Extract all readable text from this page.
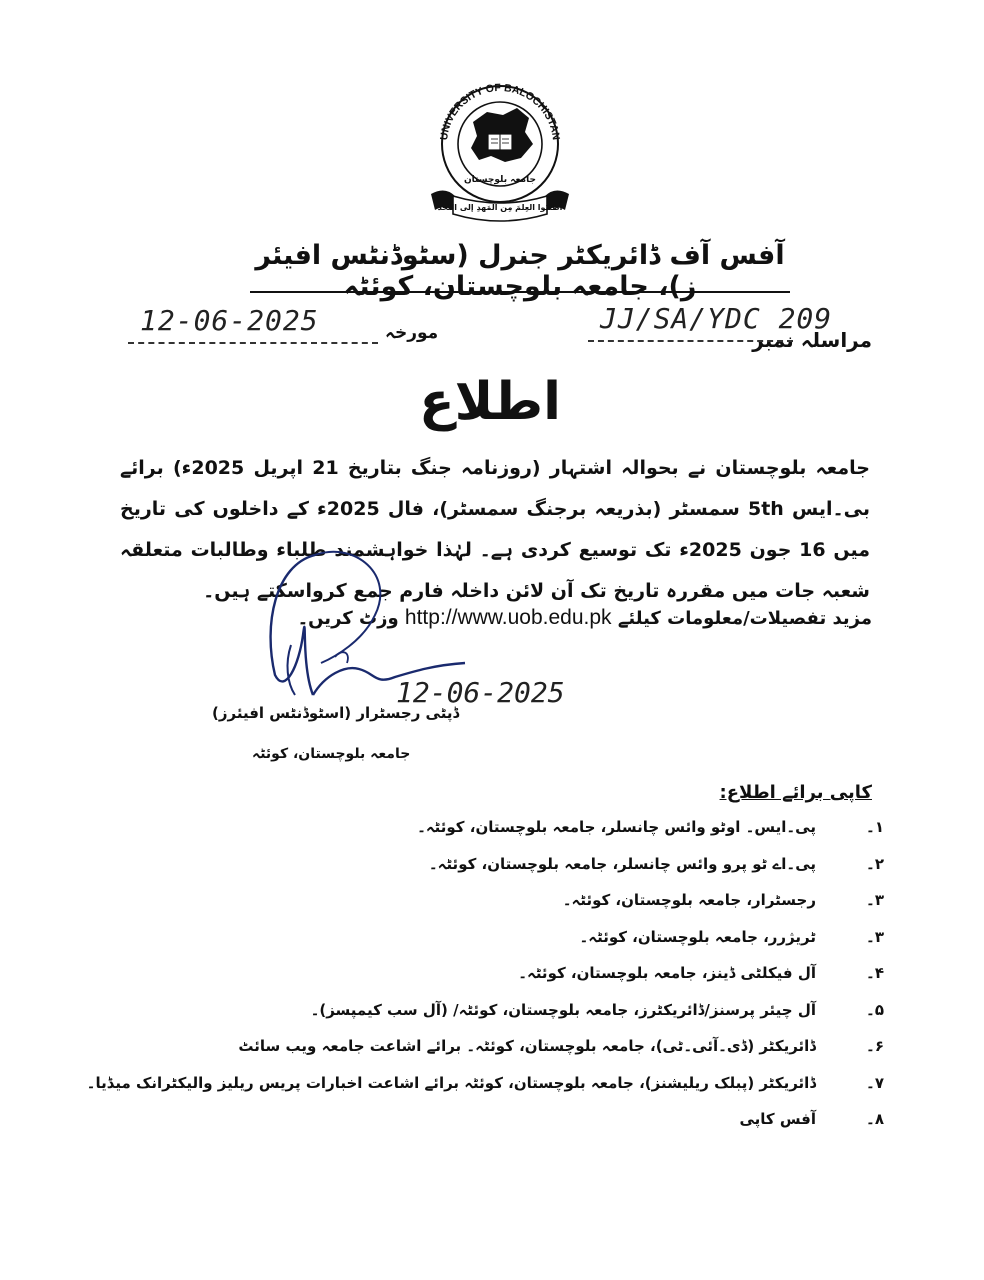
UNIVERSITY OF BALOCHISTAN
جامعہ بلوچستان
اُطلبُوا العِلمَ مِن المَهدِ إلى اللحد
آفس آف ڈائریکٹر جنرل (سٹوڈنٹس افیئر ز)، جامعہ بلوچستان، کوئٹہ
مراسلہ نمبر
JJ/SA/YDC 209
مورخہ
12-06-2025
اطلاع
جامعہ بلوچستان نے بحوالہ اشتہار (روزنامہ جنگ بتاریخ 21 اپریل 2025ء) برائے بی۔ایس 5th سمسٹر (بذریعہ برجنگ سمسٹر)، فال 2025ء کے داخلوں کی تاریخ میں 16 جون 2025ء تک توسیع کردی ہے۔ لہٰذا خواہشمند طلباء وطالبات متعلقہ شعبہ جات میں مقررہ تاریخ تک آن لائن داخلہ فارم جمع کرواسکتے ہیں۔
مزید تفصیلات/معلومات کیلئے http://www.uob.edu.pk وزٹ کریں۔
12-06-2025
ڈپٹی رجسٹرار (اسٹوڈنٹس افیئرز)
جامعہ بلوچستان، کوئٹہ
کاپی برائے اطلاع:
۱۔
پی۔ایس۔ اوٹو وائس چانسلر، جامعہ بلوچستان، کوئٹہ۔
۲۔
پی۔اے ٹو پرو وائس چانسلر، جامعہ بلوچستان، کوئٹہ۔
۳۔
رجسٹرار، جامعہ بلوچستان، کوئٹہ۔
۳۔
ٹریژرر، جامعہ بلوچستان، کوئٹہ۔
۴۔
آل فیکلٹی ڈینز، جامعہ بلوچستان، کوئٹہ۔
۵۔
آل چیئر پرسنز/ڈائریکٹرز، جامعہ بلوچستان، کوئٹہ/ (آل سب کیمپسز)۔
۶۔
ڈائریکٹر (ڈی۔آئی۔ٹی)، جامعہ بلوچستان، کوئٹہ۔ برائے اشاعت جامعہ ویب سائٹ
۷۔
ڈائریکٹر (پبلک ریلیشنز)، جامعہ بلوچستان، کوئٹہ برائے اشاعت اخبارات پریس ریلیز والیکٹرانک میڈیا۔
۸۔
آفس کاپی
